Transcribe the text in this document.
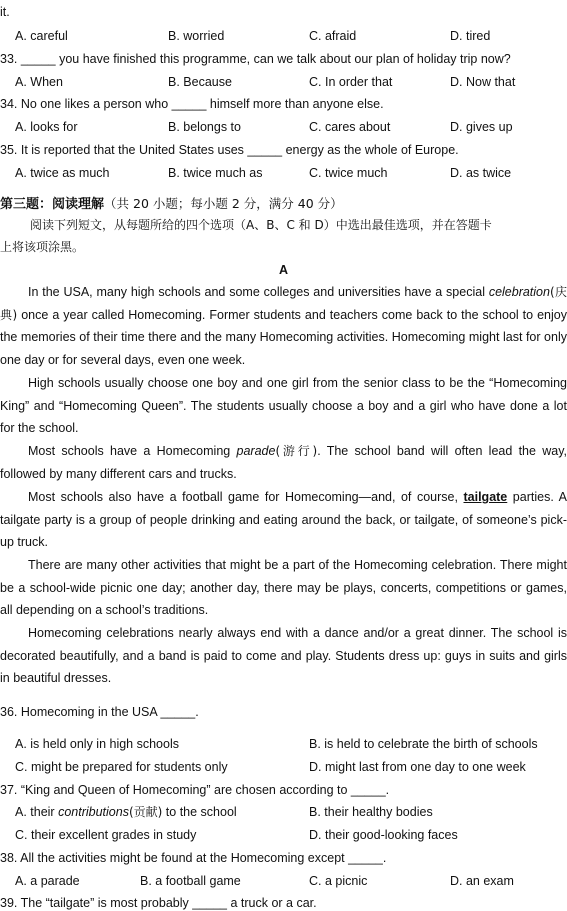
it.
A. careful	B. worried	C. afraid	D. tired
33. _____ you have finished this programme, can we talk about our plan of holiday trip now?
A. When	B. Because	C. In order that	D. Now that
34. No one likes a person who _____ himself more than anyone else.
A. looks for	B. belongs to	C. cares about	D. gives up
35. It is reported that the United States uses _____ energy as the whole of Europe.
A. twice as much	B. twice much as	C. twice much	D. as twice
第三题：阅读理解（共 20 小题；每小题 2 分，满分 40 分）
阅读下列短文，从每题所给的四个选项（A、B、C 和 D）中选出最佳选项，并在答题卡
上将该项涂黑。
A

In the USA, many high schools and some colleges and universities have a special celebration(庆典) once a year called Homecoming. Former students and teachers come back to the school to enjoy the memories of their time there and the many Homecoming activities. Homecoming might last for only one day or for several days, even one week.

High schools usually choose one boy and one girl from the senior class to be the “Homecoming King” and “Homecoming Queen”. The students usually choose a boy and a girl who have done a lot for the school.

Most schools have a Homecoming parade(游行). The school band will often lead the way, followed by many different cars and trucks.

Most schools also have a football game for Homecoming—and, of course, tailgate parties. A tailgate party is a group of people drinking and eating around the back, or tailgate, of someone’s pick-up truck.

There are many other activities that might be a part of the Homecoming celebration. There might be a school-wide picnic one day; another day, there may be plays, concerts, competitions or games, all depending on a school’s traditions.

Homecoming celebrations nearly always end with a dance and/or a great dinner. The school is decorated beautifully, and a band is paid to come and play. Students dress up: guys in suits and girls in beautiful dresses.

36. Homecoming in the USA _____.
A. is held only in high schools	B. is held to celebrate the birth of schools
C. might be prepared for students only	D. might last from one day to one week
37. “King and Queen of Homecoming” are chosen according to _____.
A. their contributions(贡献) to the school	B. their healthy bodies
C. their excellent grades in study	D. their good-looking faces
38. All the activities might be found at the Homecoming except _____.
A. a parade	B. a football game	C. a picnic	D. an exam
39. The “tailgate” is most probably _____ a truck or a car.
